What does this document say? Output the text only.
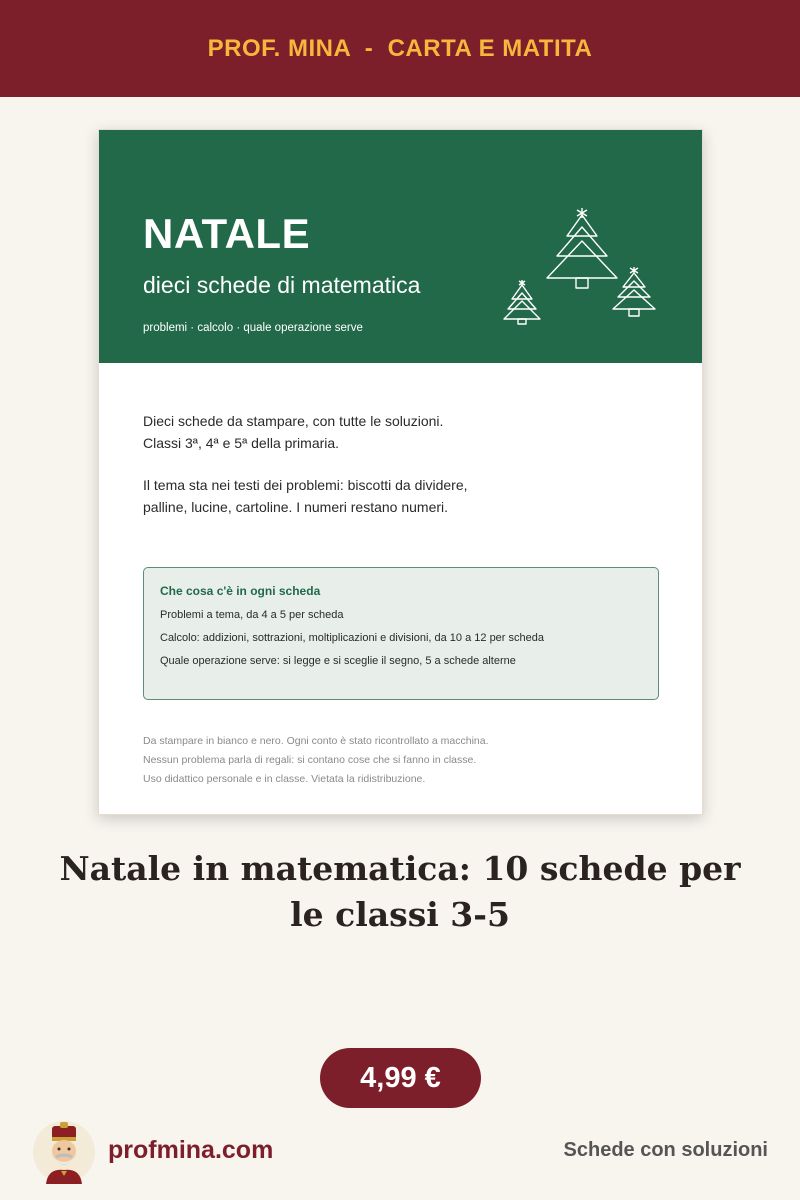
PROF. MINA  -  CARTA E MATITA
NATALE
dieci schede di matematica
problemi · calcolo · quale operazione serve

Dieci schede da stampare, con tutte le soluzioni.
Classi 3ª, 4ª e 5ª della primaria.

Il tema sta nei testi dei problemi: biscotti da dividere,
palline, lucine, cartoline. I numeri restano numeri.

Che cosa c'è in ogni scheda
Problemi a tema, da 4 a 5 per scheda
Calcolo: addizioni, sottrazioni, moltiplicazioni e divisioni, da 10 a 12 per scheda
Quale operazione serve: si legge e si sceglie il segno, 5 a schede alterne
Da stampare in bianco e nero. Ogni conto è stato ricontrollato a macchina.
Nessun problema parla di regali: si contano cose che si fanno in classe.
Uso didattico personale e in classe. Vietata la ridistribuzione.
Natale in matematica: 10 schede per
le classi 3-5
4,99 €
profmina.com	Schede con soluzioni
